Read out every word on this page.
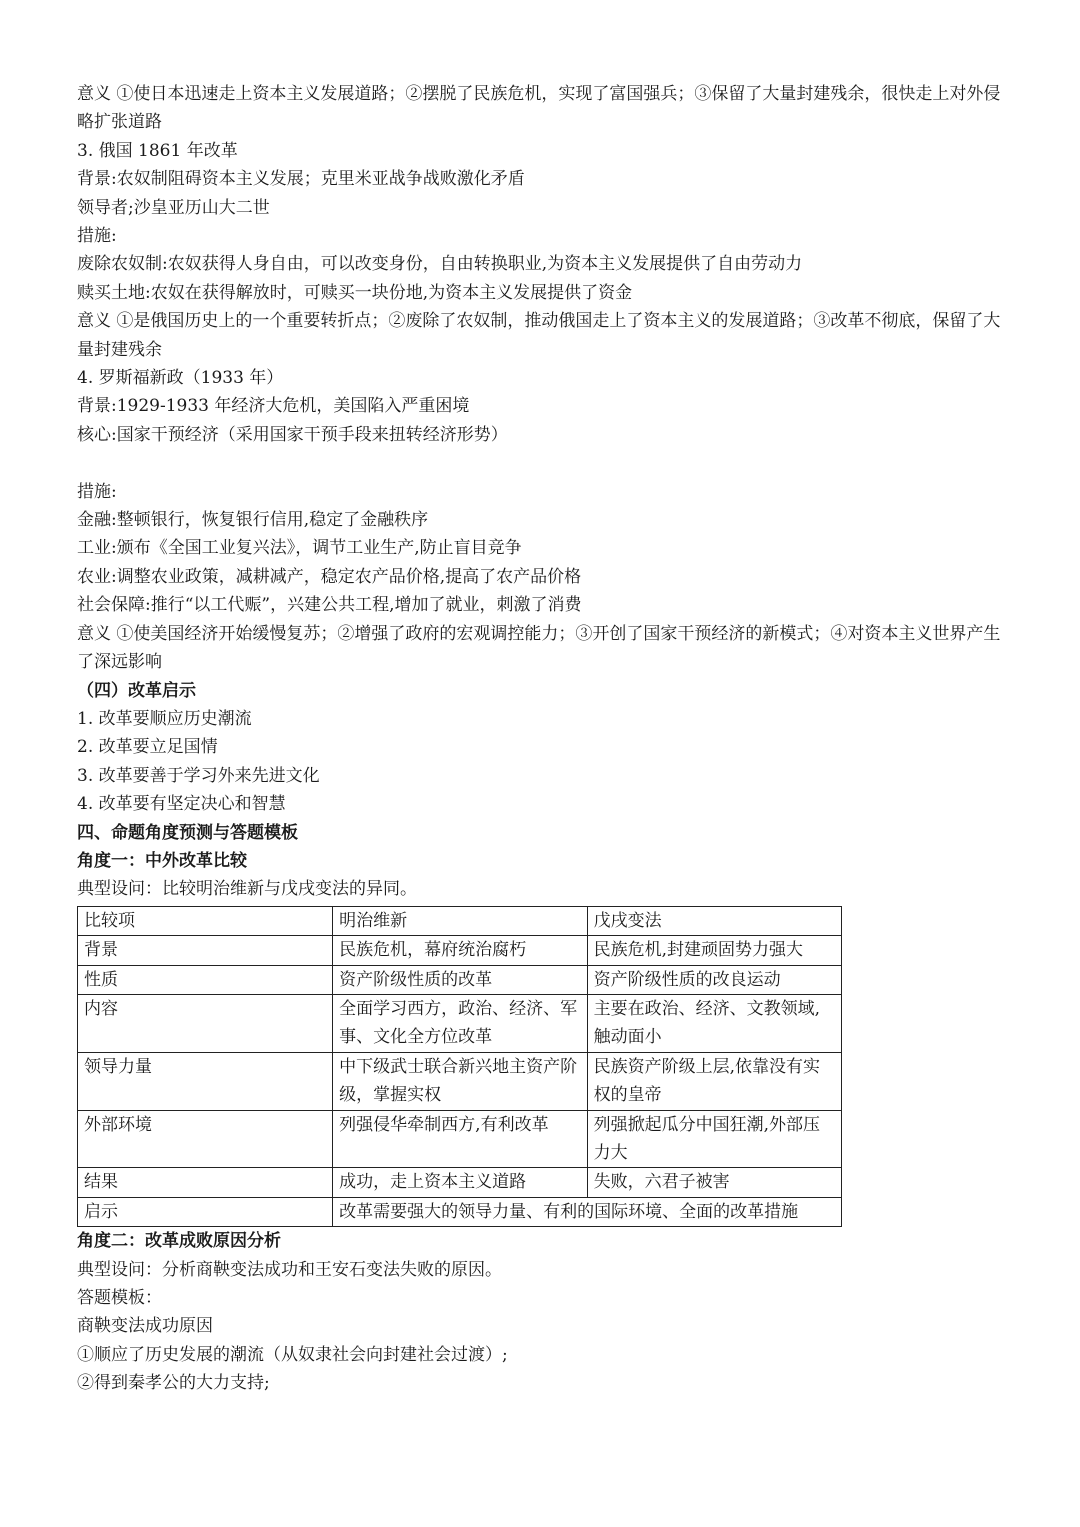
意义 ①使日本迅速走上资本主义发展道路；②摆脱了民族危机，实现了富国强兵；③保留了大量封建残余，很快走上对外侵略扩张道路
3. 俄国 1861 年改革
背景:农奴制阻碍资本主义发展；克里米亚战争战败激化矛盾
领导者;沙皇亚历山大二世
措施:
废除农奴制:农奴获得人身自由，可以改变身份，自由转换职业,为资本主义发展提供了自由劳动力
赎买土地:农奴在获得解放时，可赎买一块份地,为资本主义发展提供了资金
意义 ①是俄国历史上的一个重要转折点；②废除了农奴制，推动俄国走上了资本主义的发展道路；③改革不彻底，保留了大量封建残余
4. 罗斯福新政（1933 年）
背景:1929-1933 年经济大危机，美国陷入严重困境
核心:国家干预经济（采用国家干预手段来扭转经济形势）
措施:
金融:整顿银行，恢复银行信用,稳定了金融秩序
工业:颁布《全国工业复兴法》，调节工业生产,防止盲目竞争
农业:调整农业政策，减耕减产，稳定农产品价格,提高了农产品价格
社会保障:推行“以工代赈”，兴建公共工程,增加了就业，刺激了消费
意义 ①使美国经济开始缓慢复苏；②增强了政府的宏观调控能力；③开创了国家干预经济的新模式；④对资本主义世界产生了深远影响
（四）改革启示
1. 改革要顺应历史潮流
2. 改革要立足国情
3. 改革要善于学习外来先进文化
4. 改革要有坚定决心和智慧
四、命题角度预测与答题模板
角度一：中外改革比较
典型设问：比较明治维新与戊戌变法的异同。
比较项	明治维新	戊戌变法
背景	民族危机，幕府统治腐朽	民族危机,封建顽固势力强大
性质	资产阶级性质的改革	资产阶级性质的改良运动
内容	全面学习西方，政治、经济、军事、文化全方位改革	主要在政治、经济、文教领域,触动面小
领导力量	中下级武士联合新兴地主资产阶级，掌握实权	民族资产阶级上层,依靠没有实权的皇帝
外部环境	列强侵华牵制西方,有利改革	列强掀起瓜分中国狂潮,外部压力大
结果	成功，走上资本主义道路	失败，六君子被害
启示	改革需要强大的领导力量、有利的国际环境、全面的改革措施	
角度二：改革成败原因分析
典型设问：分析商鞅变法成功和王安石变法失败的原因。
答题模板：
商鞅变法成功原因
①顺应了历史发展的潮流（从奴隶社会向封建社会过渡）;
②得到秦孝公的大力支持;
